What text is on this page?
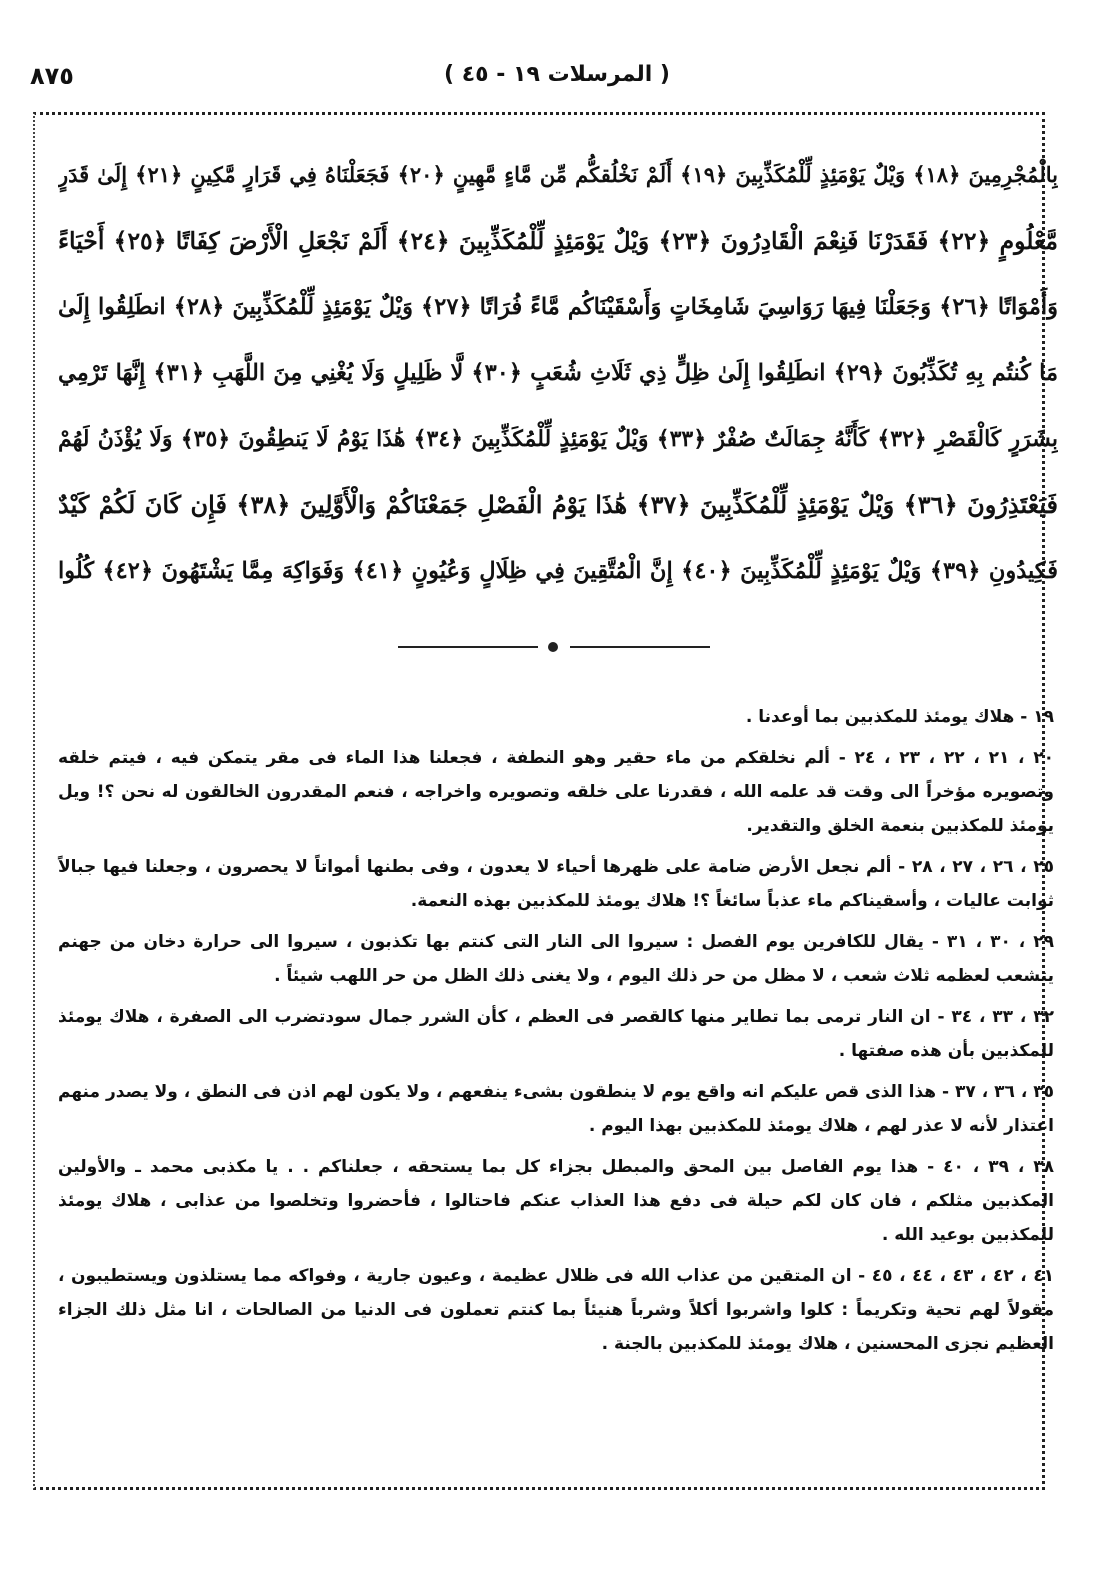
٨٧٥	( المرسلات ١٩ - ٤٥ )
بِالْمُجْرِمِينَ ﴿١٨﴾ وَيْلٌ يَوْمَئِذٍ لِّلْمُكَذِّبِينَ ﴿١٩﴾ أَلَمْ نَخْلُقكُّم مِّن مَّاءٍ مَّهِينٍ ﴿٢٠﴾ فَجَعَلْنَاهُ فِي قَرَارٍ مَّكِينٍ ﴿٢١﴾ إِلَىٰ قَدَرٍ
مَّعْلُومٍ ﴿٢٢﴾ فَقَدَرْنَا فَنِعْمَ الْقَادِرُونَ ﴿٢٣﴾ وَيْلٌ يَوْمَئِذٍ لِّلْمُكَذِّبِينَ ﴿٢٤﴾ أَلَمْ نَجْعَلِ الْأَرْضَ كِفَاتًا ﴿٢٥﴾ أَحْيَاءً
وَأَمْوَاتًا ﴿٢٦﴾ وَجَعَلْنَا فِيهَا رَوَاسِيَ شَامِخَاتٍ وَأَسْقَيْنَاكُم مَّاءً فُرَاتًا ﴿٢٧﴾ وَيْلٌ يَوْمَئِذٍ لِّلْمُكَذِّبِينَ ﴿٢٨﴾ انطَلِقُوا إِلَىٰ
مَا كُنتُم بِهِ تُكَذِّبُونَ ﴿٢٩﴾ انطَلِقُوا إِلَىٰ ظِلٍّ ذِي ثَلَاثِ شُعَبٍ ﴿٣٠﴾ لَّا ظَلِيلٍ وَلَا يُغْنِي مِنَ اللَّهَبِ ﴿٣١﴾ إِنَّهَا تَرْمِي
بِشَرَرٍ كَالْقَصْرِ ﴿٣٢﴾ كَأَنَّهُ جِمَالَتٌ صُفْرٌ ﴿٣٣﴾ وَيْلٌ يَوْمَئِذٍ لِّلْمُكَذِّبِينَ ﴿٣٤﴾ هَٰذَا يَوْمُ لَا يَنطِقُونَ ﴿٣٥﴾ وَلَا يُؤْذَنُ لَهُمْ
فَيَعْتَذِرُونَ ﴿٣٦﴾ وَيْلٌ يَوْمَئِذٍ لِّلْمُكَذِّبِينَ ﴿٣٧﴾ هَٰذَا يَوْمُ الْفَصْلِ جَمَعْنَاكُمْ وَالْأَوَّلِينَ ﴿٣٨﴾ فَإِن كَانَ لَكُمْ كَيْدٌ
فَكِيدُونِ ﴿٣٩﴾ وَيْلٌ يَوْمَئِذٍ لِّلْمُكَذِّبِينَ ﴿٤٠﴾ إِنَّ الْمُتَّقِينَ فِي ظِلَالٍ وَعُيُونٍ ﴿٤١﴾ وَفَوَاكِهَ مِمَّا يَشْتَهُونَ ﴿٤٢﴾ كُلُوا

١٩ - هلاك يومئذ للمكذبين بما أوعدنا .

٢٠ ، ٢١ ، ٢٢ ، ٢٣ ، ٢٤ - ألم نخلقكم من ماء حقير وهو النطفة ، فجعلنا هذا الماء فى مقر يتمكن فيه ، فيتم خلقه وتصويره مؤخراً الى وقت قد علمه الله ، فقدرنا على خلقه وتصويره واخراجه ، فنعم المقدرون الخالقون له نحن ؟! ويل يومئذ للمكذبين بنعمة الخلق والتقدير.

٢٥ ، ٢٦ ، ٢٧ ، ٢٨ - ألم نجعل الأرض ضامة على ظهرها أحياء لا يعدون ، وفى بطنها أمواتاً لا يحصرون ، وجعلنا فيها جبالاً ثوابت عاليات ، وأسقيناكم ماء عذباً سائغاً ؟! هلاك يومئذ للمكذبين بهذه النعمة.

٢٩ ، ٣٠ ، ٣١ - يقال للكافرين يوم الفصل : سيروا الى النار التى كنتم بها تكذبون ، سيروا الى حرارة دخان من جهنم يتشعب لعظمه ثلاث شعب ، لا مظل من حر ذلك اليوم ، ولا يغنى ذلك الظل من حر اللهب شيئاً .

٣٢ ، ٣٣ ، ٣٤ - ان النار ترمى بما تطاير منها كالقصر فى العظم ، كأن الشرر جمال سودتضرب الى الصفرة ، هلاك يومئذ للمكذبين بأن هذه صفتها .

٣٥ ، ٣٦ ، ٣٧ - هذا الذى قص عليكم انه واقع يوم لا ينطقون بشىء ينفعهم ، ولا يكون لهم اذن فى النطق ، ولا يصدر منهم اعتذار لأنه لا عذر لهم ، هلاك يومئذ للمكذبين بهذا اليوم .

٣٨ ، ٣٩ ، ٤٠ - هذا يوم الفاصل بين المحق والمبطل بجزاء كل بما يستحقه ، جعلناكم . . يا مكذبى محمد ـ والأولين المكذبين مثلكم ، فان كان لكم حيلة فى دفع هذا العذاب عنكم فاحتالوا ، فأحضروا وتخلصوا من عذابى ، هلاك يومئذ للمكذبين بوعيد الله .

٤١ ، ٤٢ ، ٤٣ ، ٤٤ ، ٤٥ - ان المتقين من عذاب الله فى ظلال عظيمة ، وعيون جارية ، وفواكه مما يستلذون ويستطيبون ، مقولاً لهم تحية وتكريماً : كلوا واشربوا أكلاً وشرباً هنيئاً بما كنتم تعملون فى الدنيا من الصالحات ، انا مثل ذلك الجزاء العظيم نجزى المحسنين ، هلاك يومئذ للمكذبين بالجنة .
